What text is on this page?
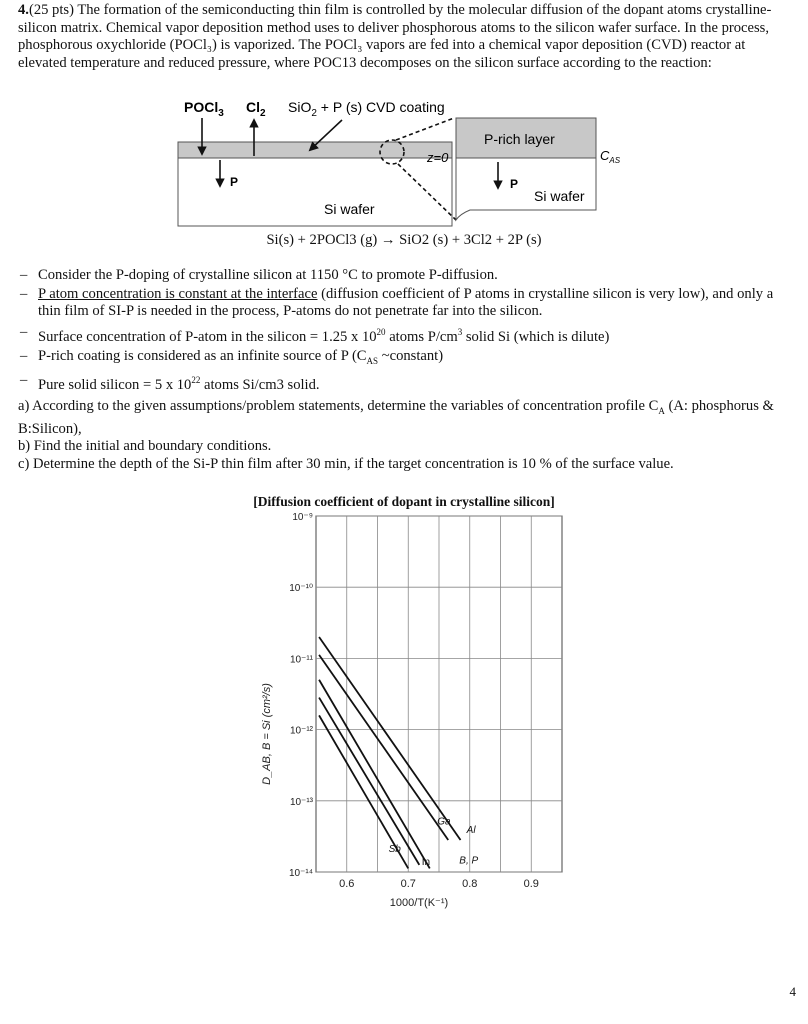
4.(25 pts) The formation of the semiconducting thin film is controlled by the molecular diffusion of the dopant atoms crystalline-silicon matrix. Chemical vapor deposition method uses to deliver phosphorous atoms to the silicon wafer surface. In the process, phosphorous oxychloride (POCl₃) is vaporized. The POCl₃ vapors are fed into a chemical vapor deposition (CVD) reactor at elevated temperature and reduced pressure, where POC13 decomposes on the silicon surface according to the reaction:
POCl$_3$ $Cl_2$ SiO$_2$ + P (s) CVD coating
P
Si wafer
z=0
P-rich layer
P
Si wafer
$C_{AS}$
Si(s) + 2POCl3 (g) → SiO2 (s) + 3Cl2 + 2P (s)
– Consider the P-doping of crystalline silicon at 1150 °C to promote P-diffusion.
– P atom concentration is constant at the interface (diffusion coefficient of P atoms in crystalline silicon is very low), and only a thin film of SI-P is needed in the process, P-atoms do not penetrate far into the silicon.
– Surface concentration of P-atom in the silicon = 1.25 x $10^{20}$ atoms $P/cm^3$ solid Si (which is dilute)
– P-rich coating is considered as an infinite source of P ($C_{AS}$ ~constant)
– Pure solid silicon = 5 x $10^{22}$ atoms Si/cm3 solid.
a) According to the given assumptions/problem statements, determine the variables of concentration profile $C_A$ (A: phosphorus & B:Silicon),
b) Find the initial and boundary conditions.
c) Determine the depth of the Si-P thin film after 30 min, if the target concentration is 10 % of the surface value.
[Diffusion coefficient of dopant in crystalline silicon]
10⁻⁹
10⁻¹⁰
10⁻¹¹
10⁻¹²
10⁻¹³
10⁻¹⁴
0.6	0.7	0.8	0.9
1000/T(K⁻¹)
D_AB, B = Si (cm²/s)
Al
Ga
B, P
In
Sb
4
